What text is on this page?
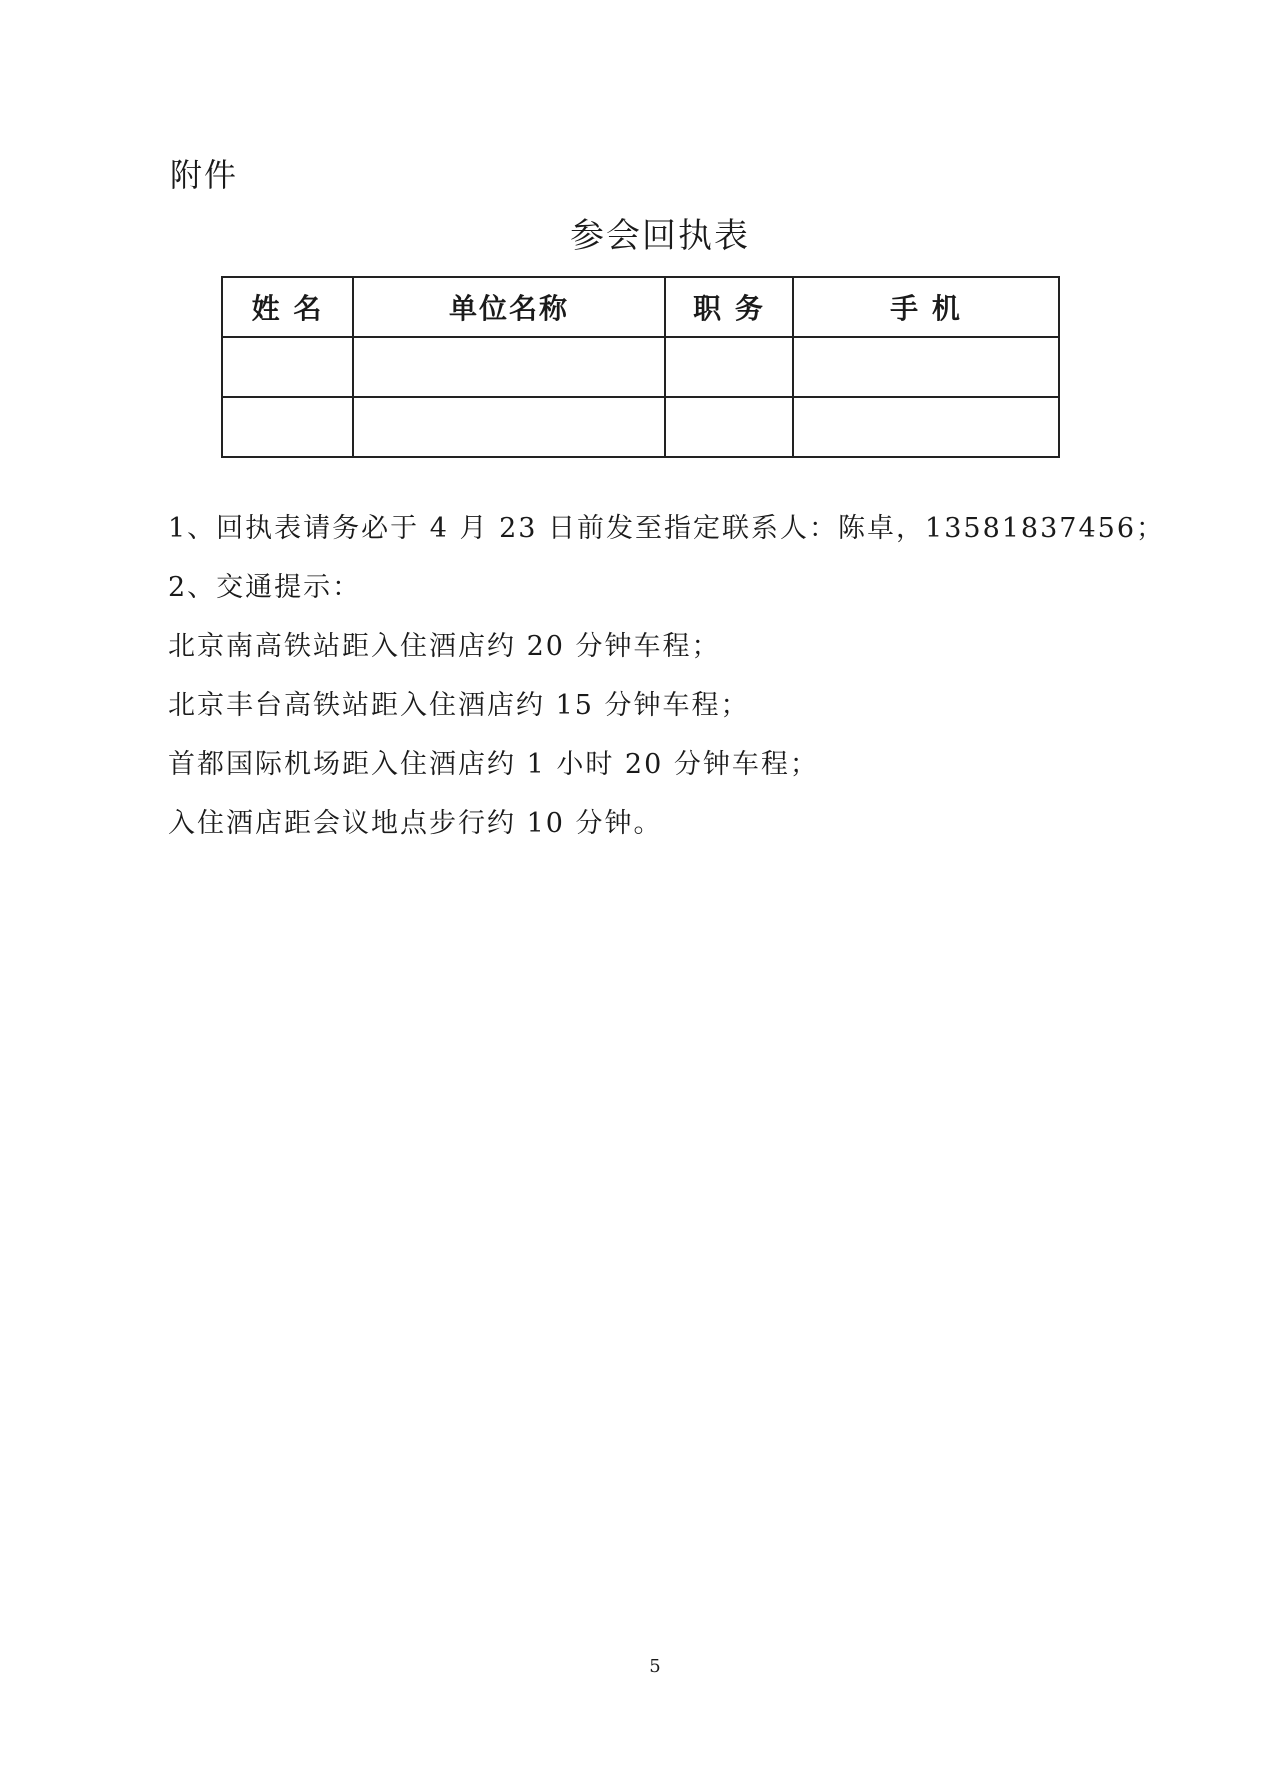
附件
参会回执表
姓 名	单位名称	职 务	手 机

1、回执表请务必于 4 月 23 日前发至指定联系人：陈卓，13581837456；
2、交通提示：
北京南高铁站距入住酒店约 20 分钟车程；
北京丰台高铁站距入住酒店约 15 分钟车程；
首都国际机场距入住酒店约 1 小时 20 分钟车程；
入住酒店距会议地点步行约 10 分钟。
5
